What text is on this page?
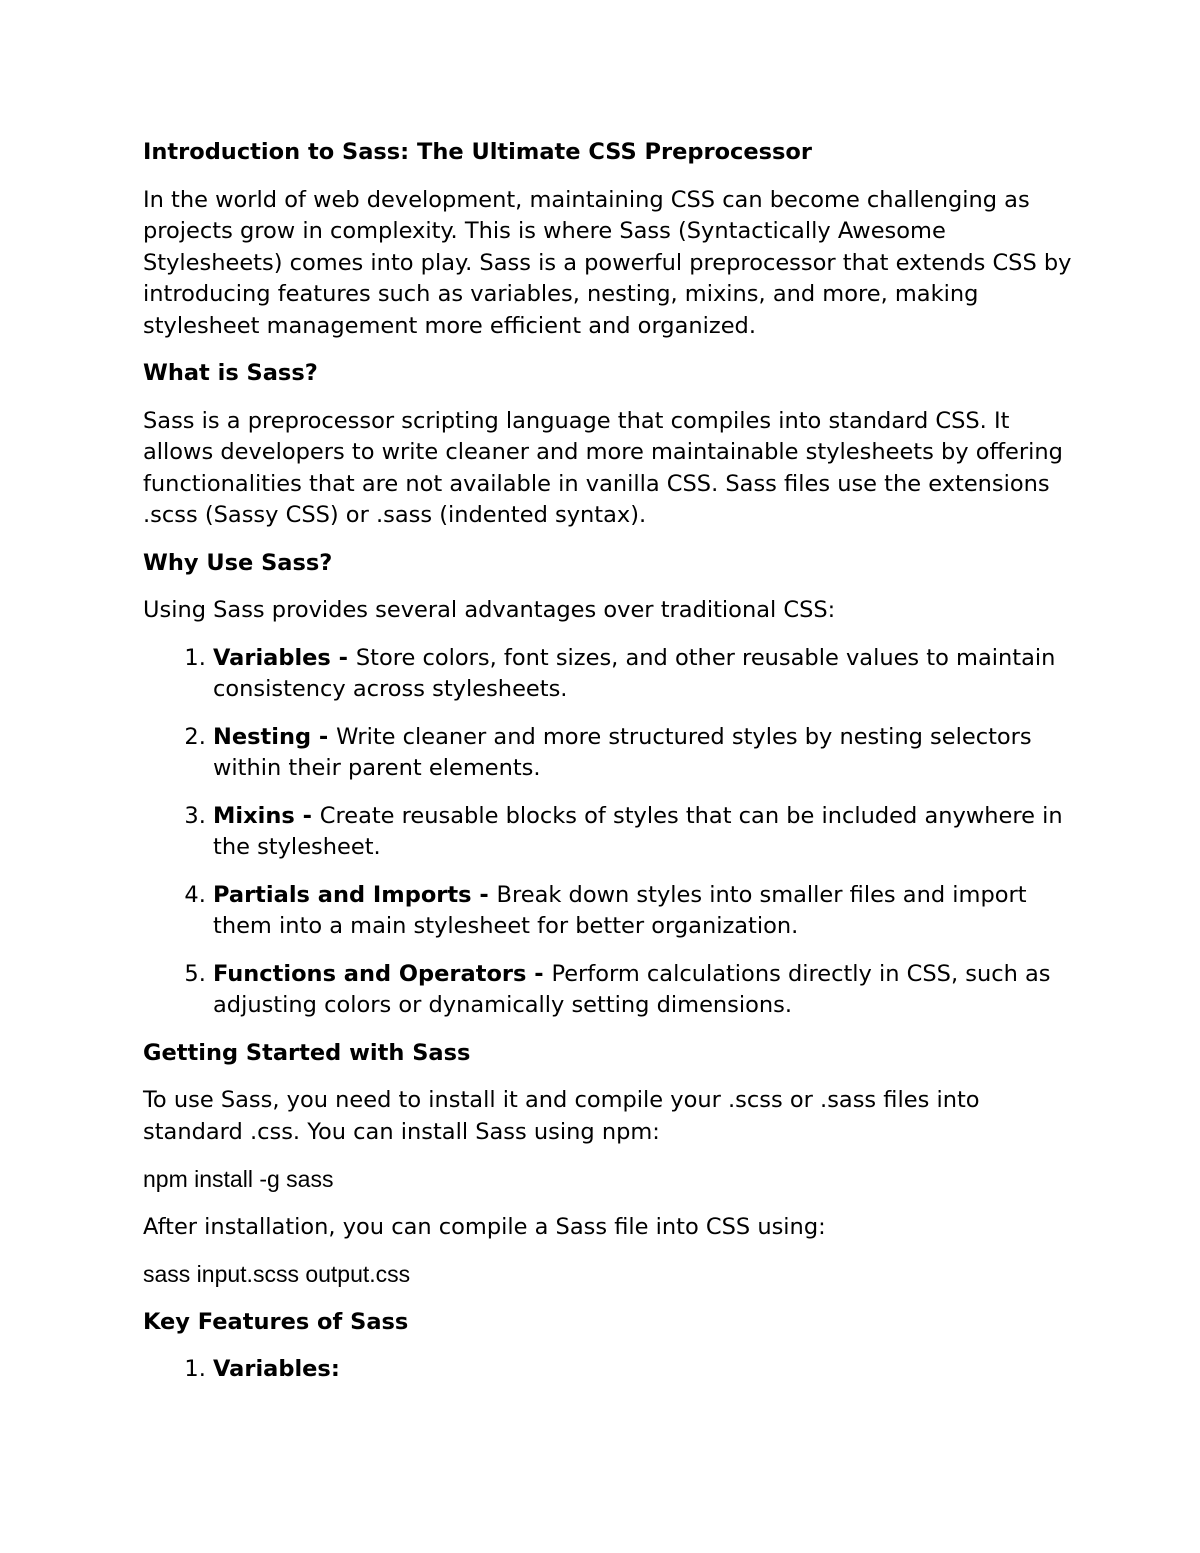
Introduction to Sass: The Ultimate CSS Preprocessor

In the world of web development, maintaining CSS can become challenging as projects grow in complexity. This is where Sass (Syntactically Awesome Stylesheets) comes into play. Sass is a powerful preprocessor that extends CSS by introducing features such as variables, nesting, mixins, and more, making stylesheet management more efficient and organized.

What is Sass?

Sass is a preprocessor scripting language that compiles into standard CSS. It allows developers to write cleaner and more maintainable stylesheets by offering functionalities that are not available in vanilla CSS. Sass files use the extensions .scss (Sassy CSS) or .sass (indented syntax).

Why Use Sass?

Using Sass provides several advantages over traditional CSS:

1. Variables - Store colors, font sizes, and other reusable values to maintain consistency across stylesheets.
2. Nesting - Write cleaner and more structured styles by nesting selectors within their parent elements.
3. Mixins - Create reusable blocks of styles that can be included anywhere in the stylesheet.
4. Partials and Imports - Break down styles into smaller files and import them into a main stylesheet for better organization.
5. Functions and Operators - Perform calculations directly in CSS, such as adjusting colors or dynamically setting dimensions.
Getting Started with Sass

To use Sass, you need to install it and compile your .scss or .sass files into standard .css. You can install Sass using npm:

npm install -g sass

After installation, you can compile a Sass file into CSS using:

sass input.scss output.css

Key Features of Sass
1. Variables:
